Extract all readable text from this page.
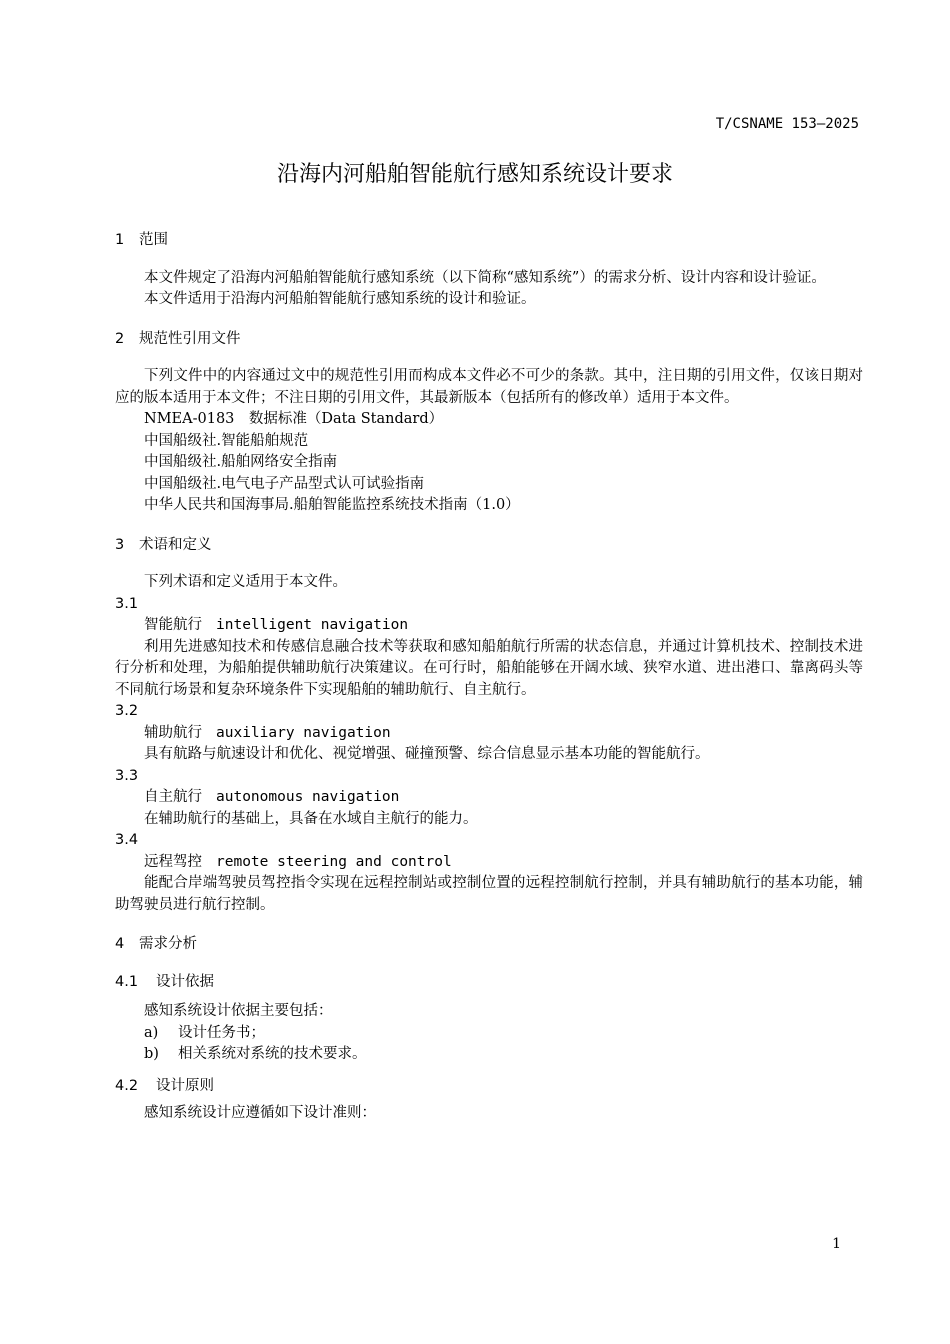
T/CSNAME 153—2025
沿海内河船舶智能航行感知系统设计要求
1 范围

本文件规定了沿海内河船舶智能航行感知系统（以下简称“感知系统”）的需求分析、设计内容和设计验证。

本文件适用于沿海内河船舶智能航行感知系统的设计和验证。

2 规范性引用文件

下列文件中的内容通过文中的规范性引用而构成本文件必不可少的条款。其中，注日期的引用文件，仅该日期对应的版本适用于本文件；不注日期的引用文件，其最新版本（包括所有的修改单）适用于本文件。

NMEA-0183　数据标准（Data Standard）

中国船级社.智能船舶规范

中国船级社.船舶网络安全指南

中国船级社.电气电子产品型式认可试验指南

中华人民共和国海事局.船舶智能监控系统技术指南（1.0）

3 术语和定义

下列术语和定义适用于本文件。

3.1

智能航行 intelligent navigation

利用先进感知技术和传感信息融合技术等获取和感知船舶航行所需的状态信息，并通过计算机技术、控制技术进行分析和处理，为船舶提供辅助航行决策建议。在可行时，船舶能够在开阔水域、狭窄水道、进出港口、靠离码头等不同航行场景和复杂环境条件下实现船舶的辅助航行、自主航行。

3.2

辅助航行 auxiliary navigation

具有航路与航速设计和优化、视觉增强、碰撞预警、综合信息显示基本功能的智能航行。

3.3

自主航行 autonomous navigation

在辅助航行的基础上，具备在水域自主航行的能力。

3.4

远程驾控 remote steering and control

能配合岸端驾驶员驾控指令实现在远程控制站或控制位置的远程控制航行控制，并具有辅助航行的基本功能，辅助驾驶员进行航行控制。

4 需求分析
4.1 设计依据

感知系统设计依据主要包括：

a) 设计任务书；

b) 相关系统对系统的技术要求。

4.2 设计原则

感知系统设计应遵循如下设计准则：

1
